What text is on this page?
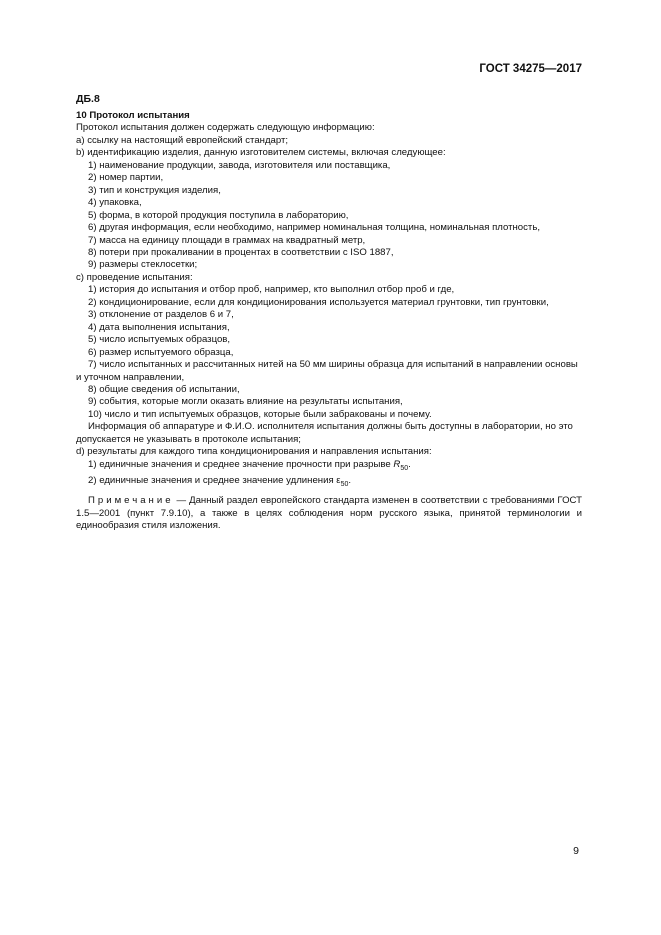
ГОСТ 34275—2017
ДБ.8

10 Протокол испытания

Протокол испытания должен содержать следующую информацию:

a) ссылку на настоящий европейский стандарт;

b) идентификацию изделия, данную изготовителем системы, включая следующее:

1) наименование продукции, завода, изготовителя или поставщика,

2) номер партии,

3) тип и конструкция изделия,

4) упаковка,

5) форма, в которой продукция поступила в лабораторию,

6) другая информация, если необходимо, например номинальная толщина, номинальная плотность,

7) масса на единицу площади в граммах на квадратный метр,

8) потери при прокаливании в процентах в соответствии с ISO 1887,

9) размеры стеклосетки;

c) проведение испытания:

1) история до испытания и отбор проб, например, кто выполнил отбор проб и где,

2) кондиционирование, если для кондиционирования используется материал грунтовки, тип грунтовки,

3) отклонение от разделов 6 и 7,

4) дата выполнения испытания,

5) число испытуемых образцов,

6) размер испытуемого образца,

7) число испытанных и рассчитанных нитей на 50 мм ширины образца для испытаний в направлении основы и уточном направлении,

8) общие сведения об испытании,

9) события, которые могли оказать влияние на результаты испытания,

10) число и тип испытуемых образцов, которые были забракованы и почему.

Информация об аппаратуре и Ф.И.О. исполнителя испытания должны быть доступны в лаборатории, но это допускается не указывать в протоколе испытания;

d) результаты для каждого типа кондиционирования и направления испытания:

1) единичные значения и среднее значение прочности при разрыве $R_{50}$.

2) единичные значения и среднее значение удлинения $\varepsilon_{50}$.

Примечание — Данный раздел европейского стандарта изменен в соответствии с требованиями ГОСТ 1.5—2001 (пункт 7.9.10), а также в целях соблюдения норм русского языка, принятой терминологии и единообразия стиля изложения.

9
